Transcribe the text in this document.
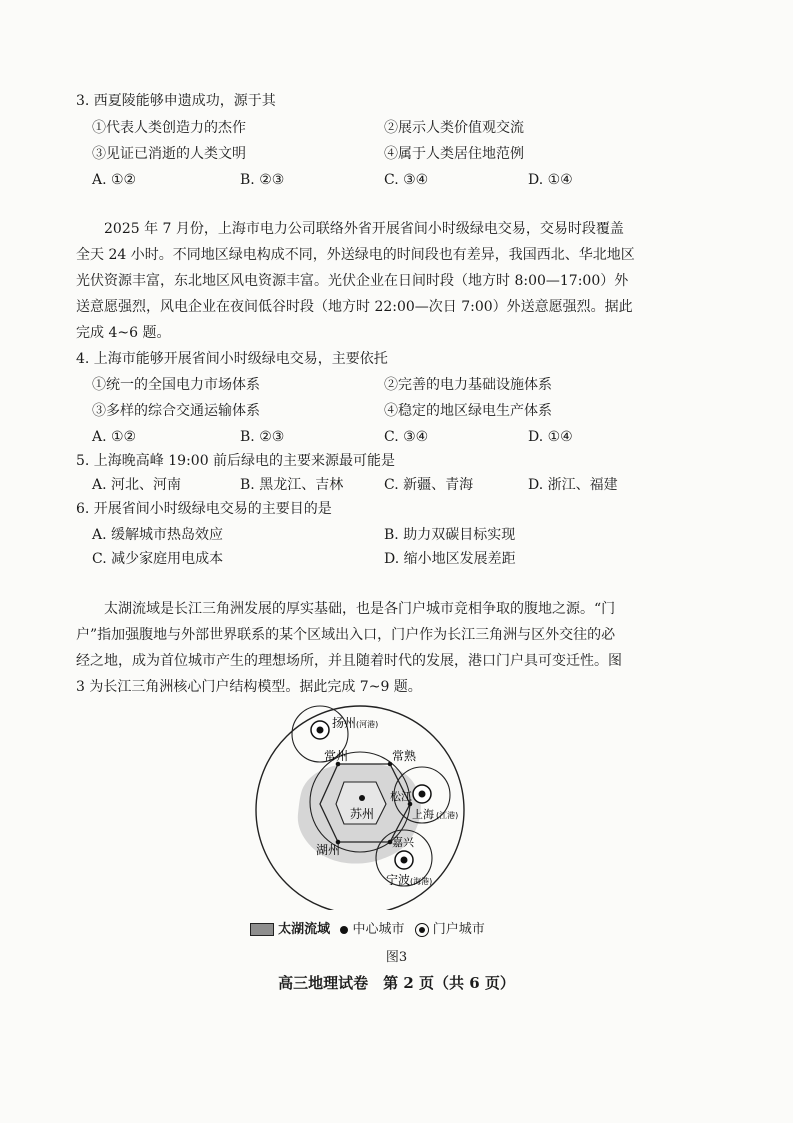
3. 西夏陵能够申遗成功，源于其
①代表人类创造力的杰作	②展示人类价值观交流
③见证已消逝的人类文明	④属于人类居住地范例
A. ①②	B. ②③	C. ③④	D. ①④
2025 年 7 月份，上海市电力公司联络外省开展省间小时级绿电交易，交易时段覆盖
全天 24 小时。不同地区绿电构成不同，外送绿电的时间段也有差异，我国西北、华北地区
光伏资源丰富，东北地区风电资源丰富。光伏企业在日间时段（地方时 8:00—17:00）外
送意愿强烈，风电企业在夜间低谷时段（地方时 22:00—次日 7:00）外送意愿强烈。据此
完成 4~6 题。
4. 上海市能够开展省间小时级绿电交易，主要依托
①统一的全国电力市场体系	②完善的电力基础设施体系
③多样的综合交通运输体系	④稳定的地区绿电生产体系
A. ①②	B. ②③	C. ③④	D. ①④
5. 上海晚高峰 19:00 前后绿电的主要来源最可能是
A. 河北、河南	B. 黑龙江、吉林	C. 新疆、青海	D. 浙江、福建
6. 开展省间小时级绿电交易的主要目的是
A. 缓解城市热岛效应	B. 助力双碳目标实现
C. 减少家庭用电成本	D. 缩小地区发展差距
太湖流域是长江三角洲发展的厚实基础，也是各门户城市竞相争取的腹地之源。“门
户”指加强腹地与外部世界联系的某个区域出入口，门户作为长江三角洲与区外交往的必
经之地，成为首位城市产生的理想场所，并且随着时代的发展，港口门户具可变迁性。图
3 为长江三角洲核心门户结构模型。据此完成 7~9 题。
扬州 (河港)
常州	常熟
苏州
松江
上海 (江港)
湖州
嘉兴
宁波 (海港)
太湖流域 中心城市 门户城市
图3
高三地理试卷　第 2 页（共 6 页）
